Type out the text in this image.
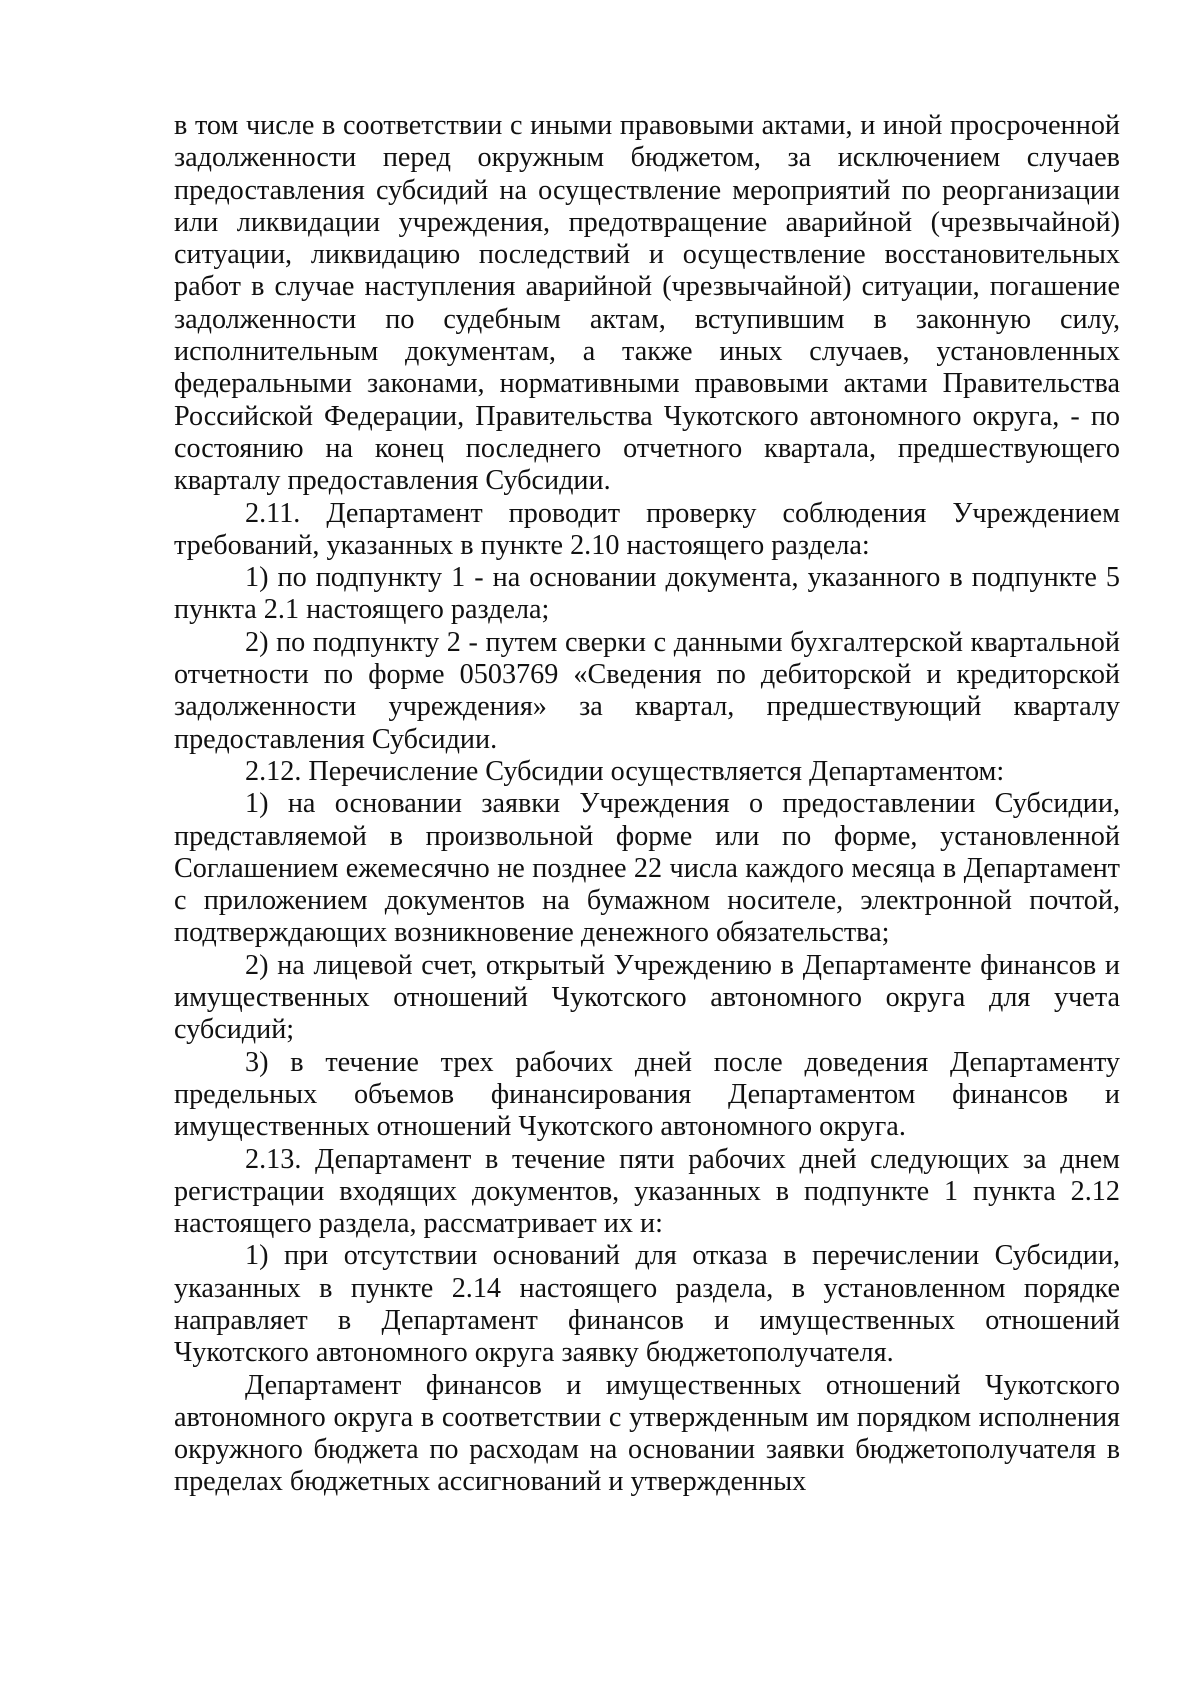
в том числе в соответствии с иными правовыми актами, и иной просроченной задолженности перед окружным бюджетом, за исключением случаев предоставления субсидий на осуществление мероприятий по реорганизации или ликвидации учреждения, предотвращение аварийной (чрезвычайной) ситуации, ликвидацию последствий и осуществление восстановительных работ в случае наступления аварийной (чрезвычайной) ситуации, погашение задолженности по судебным актам, вступившим в законную силу, исполнительным документам, а также иных случаев, установленных федеральными законами, нормативными правовыми актами Правительства Российской Федерации, Правительства Чукотского автономного округа, - по состоянию на конец последнего отчетного квартала, предшествующего кварталу предоставления Субсидии.

2.11. Департамент проводит проверку соблюдения Учреждением требований, указанных в пункте 2.10 настоящего раздела:

1) по подпункту 1 - на основании документа, указанного в подпункте 5 пункта 2.1 настоящего раздела;

2) по подпункту 2 - путем сверки с данными бухгалтерской квартальной отчетности по форме 0503769 «Сведения по дебиторской и кредиторской задолженности учреждения» за квартал, предшествующий кварталу предоставления Субсидии.

2.12. Перечисление Субсидии осуществляется Департаментом:

1) на основании заявки Учреждения о предоставлении Субсидии, представляемой в произвольной форме или по форме, установленной Соглашением ежемесячно не позднее 22 числа каждого месяца в Департамент с приложением документов на бумажном носителе, электронной почтой, подтверждающих возникновение денежного обязательства;

2) на лицевой счет, открытый Учреждению в Департаменте финансов и имущественных отношений Чукотского автономного округа для учета субсидий;

3) в течение трех рабочих дней после доведения Департаменту предельных объемов финансирования Департаментом финансов и имущественных отношений Чукотского автономного округа.

2.13. Департамент в течение пяти рабочих дней следующих за днем регистрации входящих документов, указанных в подпункте 1 пункта 2.12 настоящего раздела, рассматривает их и:

1) при отсутствии оснований для отказа в перечислении Субсидии, указанных в пункте 2.14 настоящего раздела, в установленном порядке направляет в Департамент финансов и имущественных отношений Чукотского автономного округа заявку бюджетополучателя.

Департамент финансов и имущественных отношений Чукотского автономного округа в соответствии с утвержденным им порядком исполнения окружного бюджета по расходам на основании заявки бюджетополучателя в пределах бюджетных ассигнований и утвержденных
